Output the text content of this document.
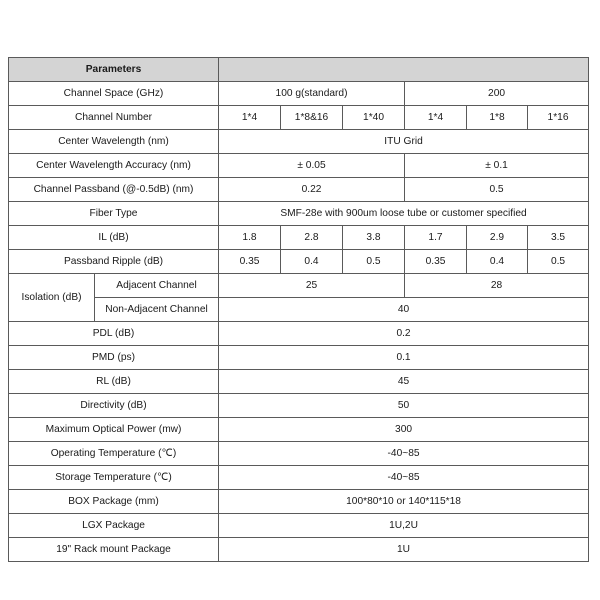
Parameters							
Channel Space (GHz)		100 g(standard)			200		
Channel Number		1*4	1*8&16	1*40	1*4	1*8	1*16
Center Wavelength (nm)		ITU Grid					
Center Wavelength Accuracy (nm)		± 0.05			± 0.1		
Channel Passband (@-0.5dB) (nm)		0.22			0.5		
Fiber Type		SMF-28e with 900um loose tube or customer specified					
IL (dB)		1.8	2.8	3.8	1.7	2.9	3.5
Passband Ripple (dB)		0.35	0.4	0.5	0.35	0.4	0.5
Isolation (dB)	Adjacent Channel	25			28		
	Non-Adjacent Channel	40					
PDL (dB)		0.2					
PMD (ps)		0.1					
RL (dB)		45					
Directivity (dB)		50					
Maximum Optical Power (mw)		300					
Operating Temperature (℃)		-40~85					
Storage Temperature (℃)		-40~85					
BOX Package (mm)		100*80*10 or 140*115*18					
LGX Package		1U,2U					
19" Rack mount Package		1U					
